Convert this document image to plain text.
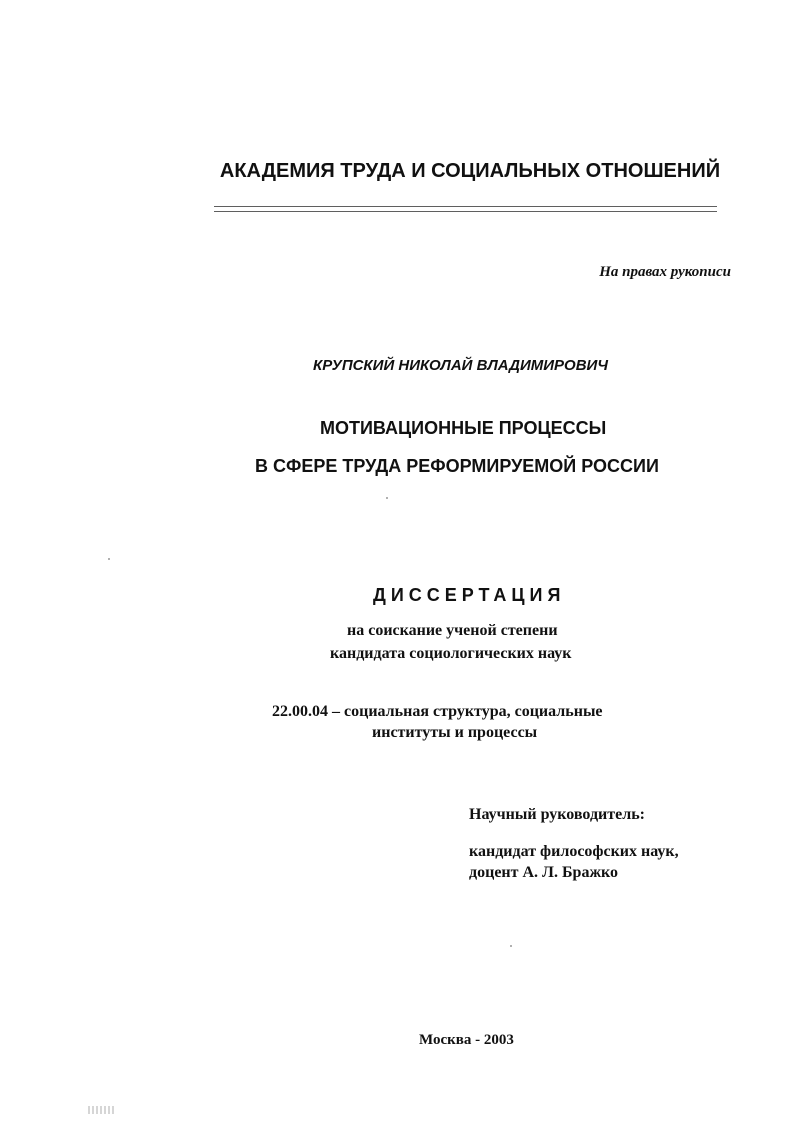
АКАДЕМИЯ ТРУДА И СОЦИАЛЬНЫХ ОТНОШЕНИЙ
На правах рукописи
КРУПСКИЙ НИКОЛАЙ ВЛАДИМИРОВИЧ
МОТИВАЦИОННЫЕ ПРОЦЕССЫ
В СФЕРЕ ТРУДА РЕФОРМИРУЕМОЙ РОССИИ
ДИССЕРТАЦИЯ
на соискание ученой степени
кандидата социологических наук
22.00.04 – социальная структура, социальные
институты и процессы
Научный руководитель:
кандидат философских наук,
доцент А. Л. Бражко
Москва - 2003
